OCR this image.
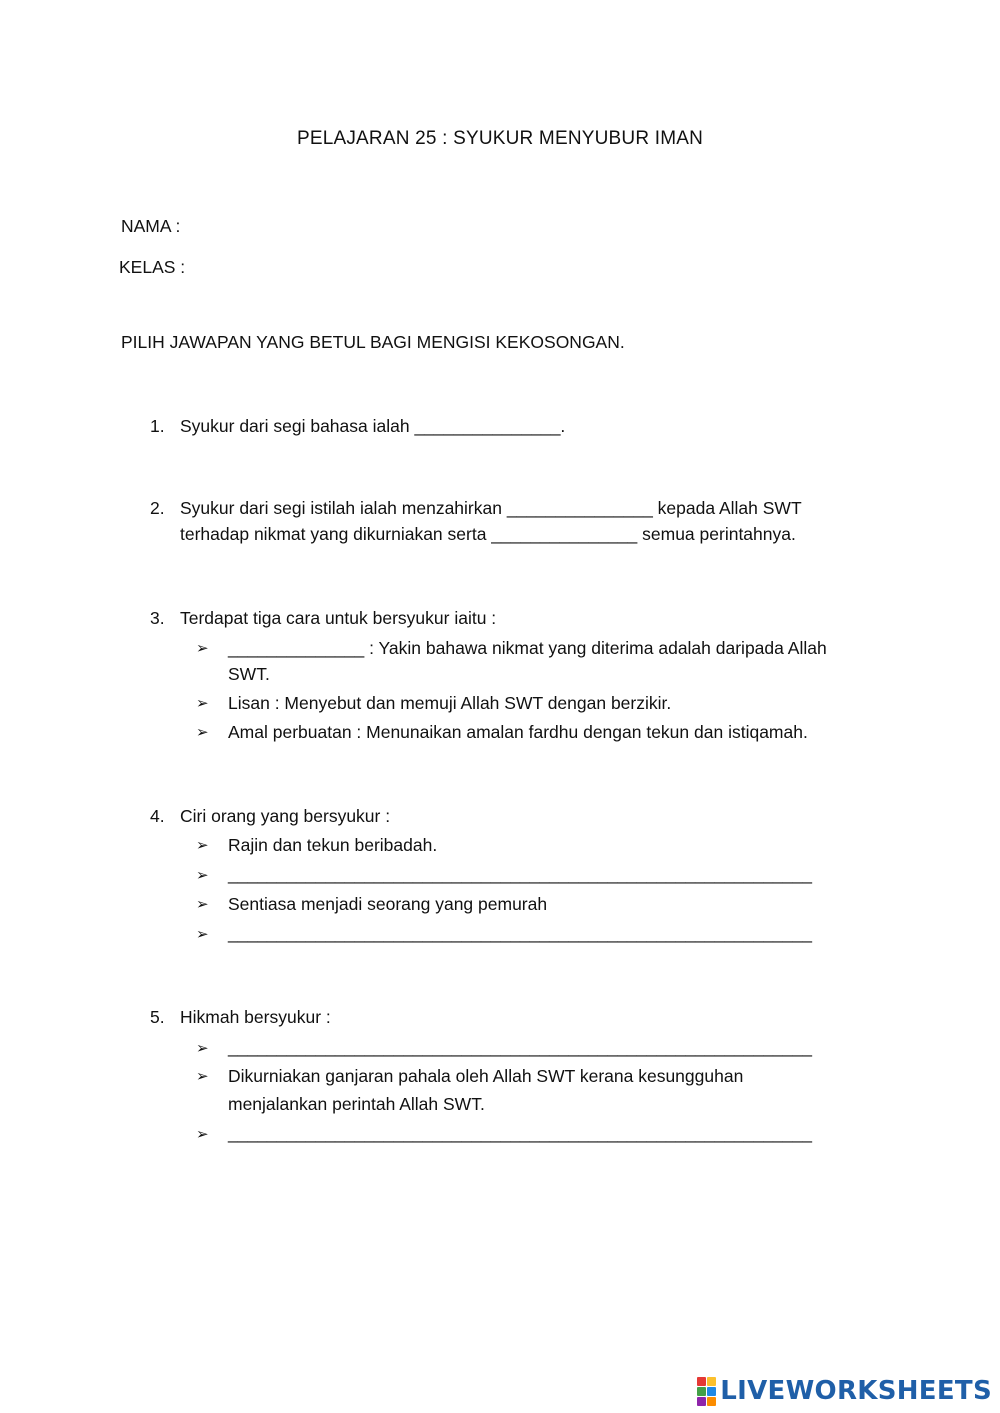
PELAJARAN 25 : SYUKUR MENYUBUR IMAN
NAMA :
KELAS :
PILIH JAWAPAN YANG BETUL BAGI MENGISI KEKOSONGAN.
1. Syukur dari segi bahasa ialah _______________.
2. Syukur dari segi istilah ialah menzahirkan _______________ kepada Allah SWT
terhadap nikmat yang dikurniakan serta _______________ semua perintahnya.
3. Terdapat tiga cara untuk bersyukur iaitu :
➢	______________ : Yakin bahawa nikmat yang diterima adalah daripada Allah
SWT.
➢	Lisan : Menyebut dan memuji Allah SWT dengan berzikir.
➢	Amal perbuatan : Menunaikan amalan fardhu dengan tekun dan istiqamah.
4. Ciri orang yang bersyukur :
➢	Rajin dan tekun beribadah.
➢	____________________________________________________________
➢	Sentiasa menjadi seorang yang pemurah
➢	____________________________________________________________
5. Hikmah bersyukur :
➢	____________________________________________________________
➢	Dikurniakan ganjaran pahala oleh Allah SWT kerana kesungguhan
menjalankan perintah Allah SWT.
➢	____________________________________________________________
LIVEWORKSHEETS
